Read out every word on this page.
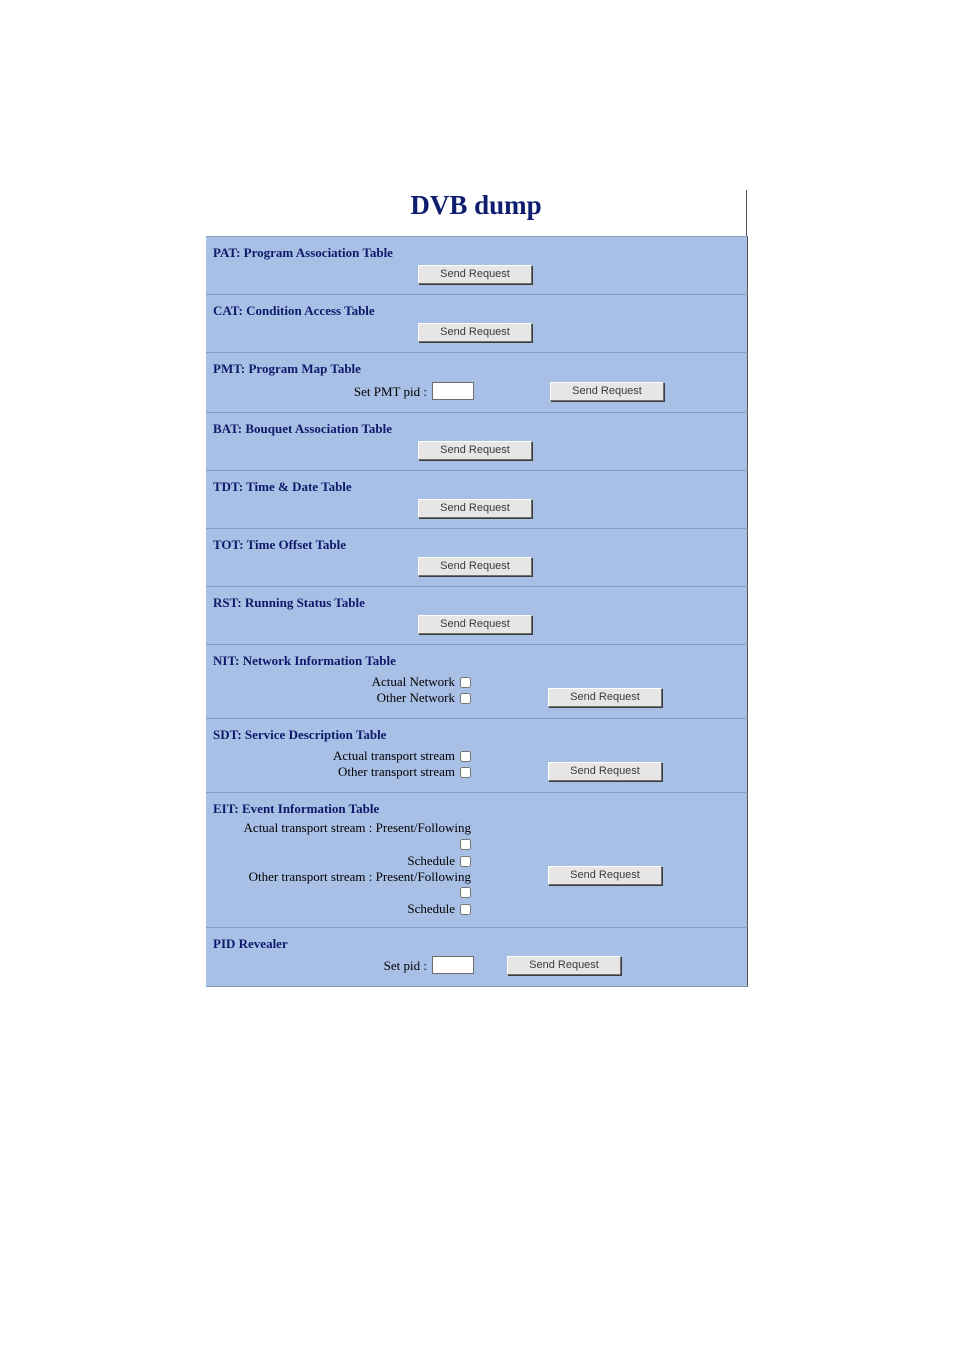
DVB dump
PAT: Program Association Table
Send Request
CAT: Condition Access Table
Send Request
PMT: Program Map Table
Set PMT pid :	Send Request
BAT: Bouquet Association Table
Send Request
TDT: Time & Date Table
Send Request
TOT: Time Offset Table
Send Request
RST: Running Status Table
Send Request
NIT: Network Information Table
Actual Network
Other Network	Send Request
SDT: Service Description Table
Actual transport stream
Other transport stream	Send Request
EIT: Event Information Table
Actual transport stream : Present/Following
Schedule
Other transport stream : Present/Following
Schedule
Send Request
PID Revealer
Set pid :	Send Request
